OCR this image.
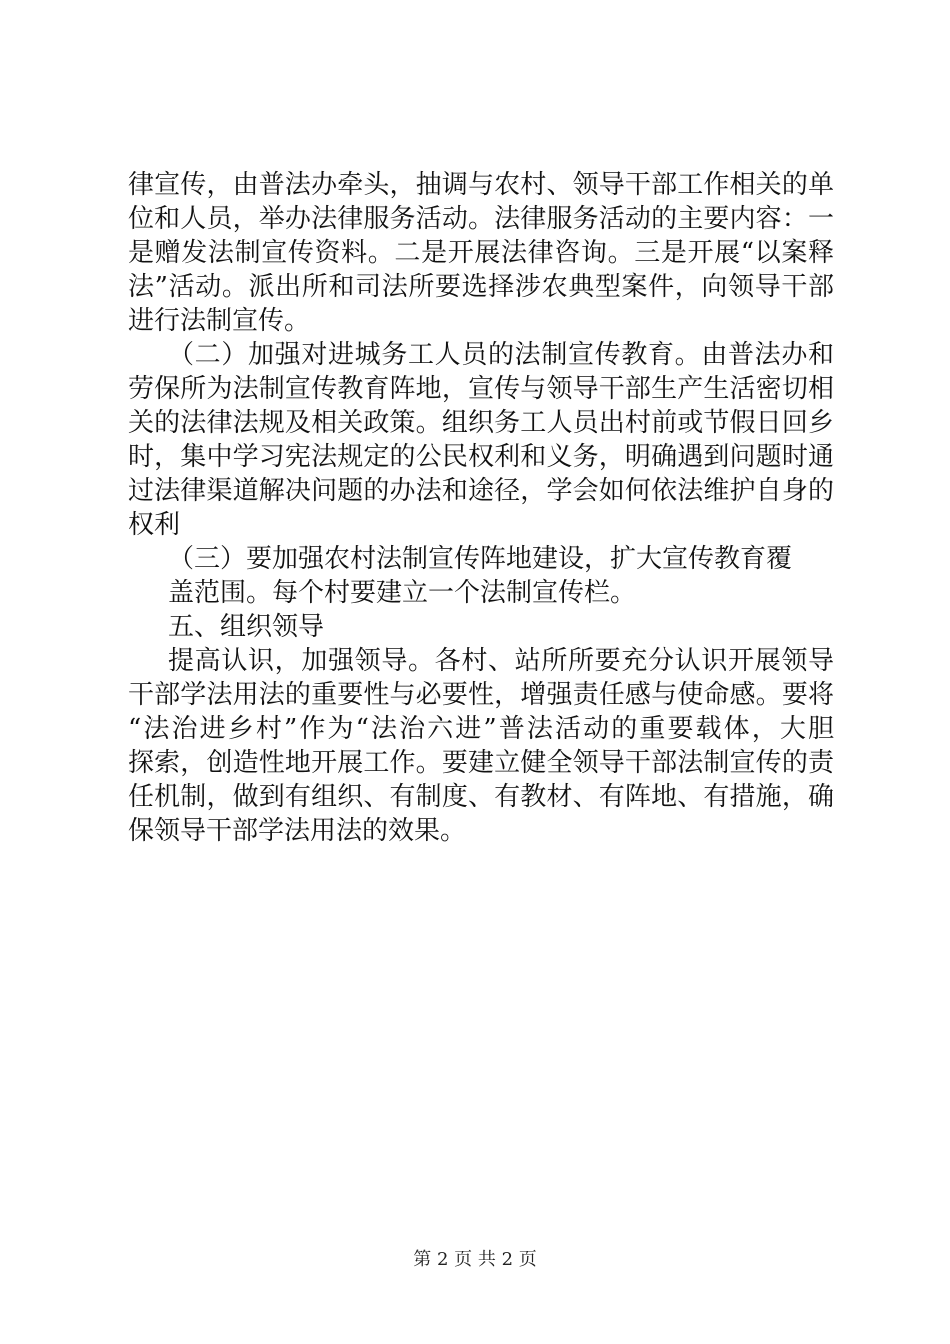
律宣传，由普法办牵头，抽调与农村、领导干部工作相关的单
位和人员，举办法律服务活动。法律服务活动的主要内容：一
是赠发法制宣传资料。二是开展法律咨询。三是开展“以案释
法”活动。派出所和司法所要选择涉农典型案件，向领导干部
进行法制宣传。
（二）加强对进城务工人员的法制宣传教育。由普法办和
劳保所为法制宣传教育阵地，宣传与领导干部生产生活密切相
关的法律法规及相关政策。组织务工人员出村前或节假日回乡
时，集中学习宪法规定的公民权利和义务，明确遇到问题时通
过法律渠道解决问题的办法和途径，学会如何依法维护自身的
权利
（三）要加强农村法制宣传阵地建设，扩大宣传教育覆
盖范围。每个村要建立一个法制宣传栏。
五、组织领导
提高认识，加强领导。各村、站所所要充分认识开展领导
干部学法用法的重要性与必要性，增强责任感与使命感。要将
“法治进乡村”作为“法治六进”普法活动的重要载体，大胆
探索，创造性地开展工作。要建立健全领导干部法制宣传的责
任机制，做到有组织、有制度、有教材、有阵地、有措施，确
保领导干部学法用法的效果。
第 2 页 共 2 页
